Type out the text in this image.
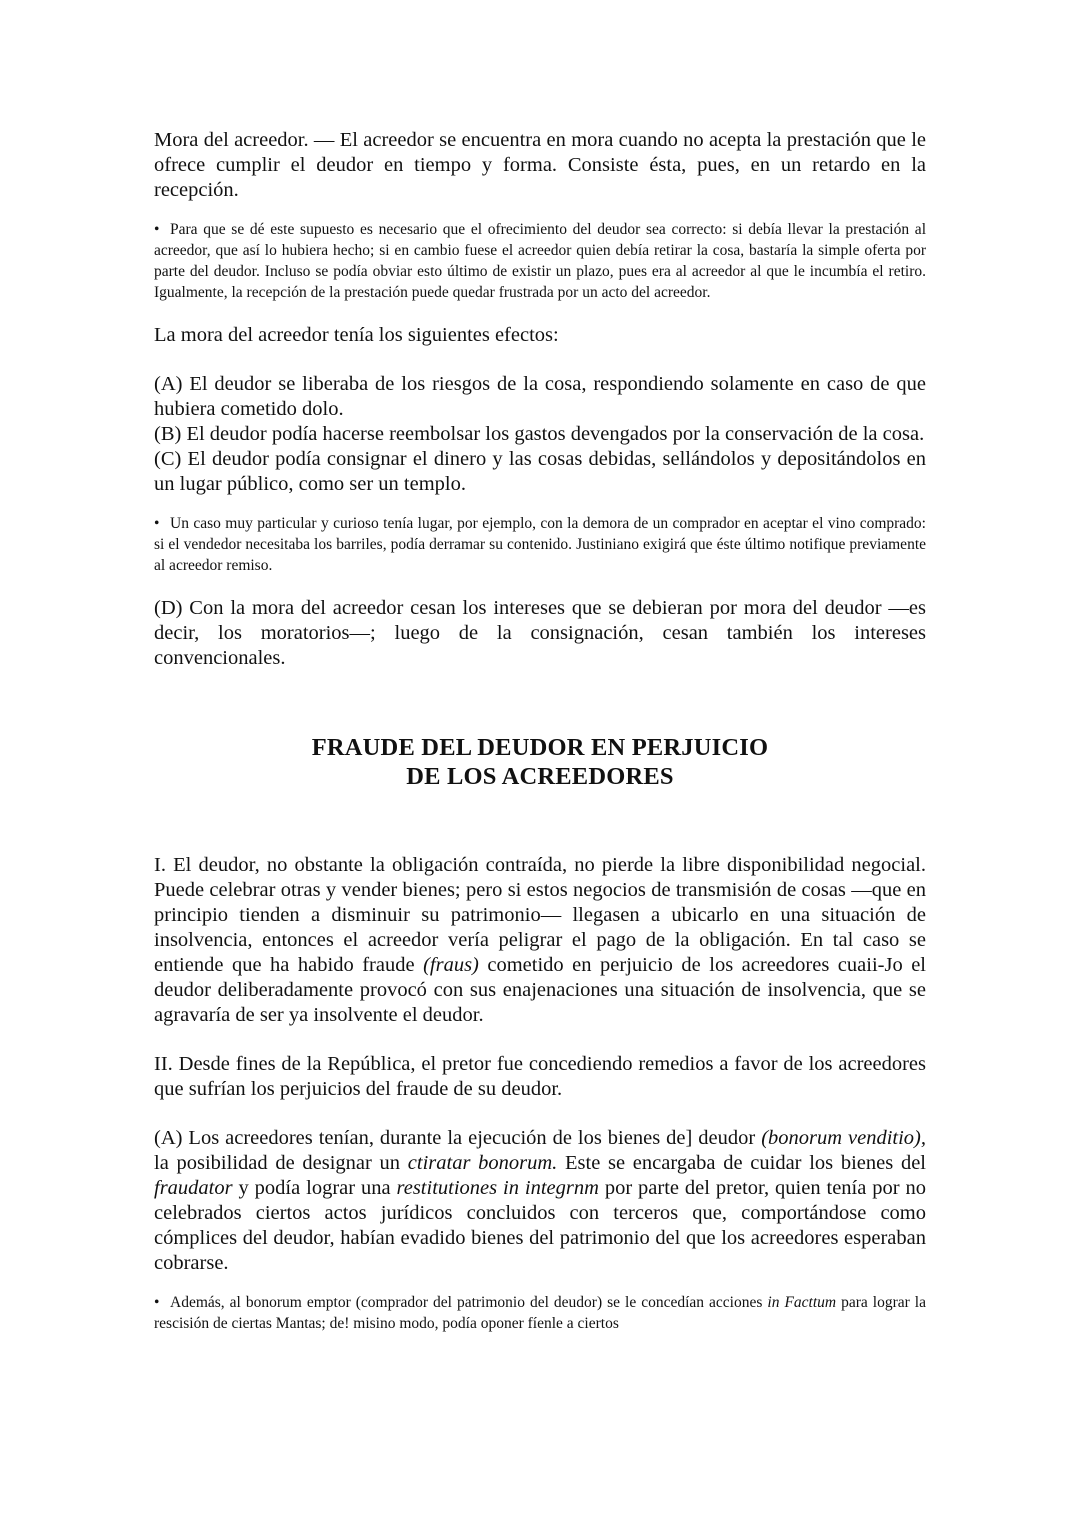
Mora del acreedor. — El acreedor se encuentra en mora cuando no acepta la prestación que le ofrece cumplir el deudor en tiempo y forma. Consiste ésta, pues, en un retardo en la recepción.

• Para que se dé este supuesto es necesario que el ofrecimiento del deudor sea correcto: si debía llevar la prestación al acreedor, que así lo hubiera hecho; si en cambio fuese el acreedor quien debía retirar la cosa, bastaría la simple oferta por parte del deudor. Incluso se podía obviar esto último de existir un plazo, pues era al acreedor al que le incumbía el retiro. Igualmente, la recepción de la prestación puede quedar frustrada por un acto del acreedor.

La mora del acreedor tenía los siguientes efectos:

(A) El deudor se liberaba de los riesgos de la cosa, respondiendo solamente en caso de que hubiera cometido dolo.

(B) El deudor podía hacerse reembolsar los gastos devengados por la conservación de la cosa.

(C) El deudor podía consignar el dinero y las cosas debidas, sellándolos y depositándolos en un lugar público, como ser un templo.

• Un caso muy particular y curioso tenía lugar, por ejemplo, con la demora de un comprador en aceptar el vino comprado: si el vendedor necesitaba los barriles, podía derramar su contenido. Justiniano exigirá que éste último notifique previamente al acreedor remiso.

(D) Con la mora del acreedor cesan los intereses que se debieran por mora del deudor —es decir, los moratorios—; luego de la consignación, cesan también los intereses convencionales.

FRAUDE DEL DEUDOR EN PERJUICIO
DE LOS ACREEDORES

I. El deudor, no obstante la obligación contraída, no pierde la libre disponibilidad negocial. Puede celebrar otras y vender bienes; pero si estos negocios de transmisión de cosas —que en principio tienden a disminuir su patrimonio— llegasen a ubicarlo en una situación de insolvencia, entonces el acreedor vería peligrar el pago de la obligación. En tal caso se entiende que ha habido fraude (fraus) cometido en perjuicio de los acreedores cuaii-Jo el deudor deliberadamente provocó con sus enajenaciones una situación de insolvencia, que se agravaría de ser ya insolvente el deudor.

II. Desde fines de la República, el pretor fue concediendo remedios a favor de los acreedores que sufrían los perjuicios del fraude de su deudor.

(A) Los acreedores tenían, durante la ejecución de los bienes de] deudor (bonorum venditio), la posibilidad de designar un ctiratar bonorum. Este se encargaba de cuidar los bienes del fraudator y podía lograr una restitutiones in integrnm por parte del pretor, quien tenía por no celebrados ciertos actos jurídicos concluidos con terceros que, comportándose como cómplices del deudor, habían evadido bienes del patrimonio del que los acreedores esperaban cobrarse.

• Además, al bonorum emptor (comprador del patrimonio del deudor) se le concedían acciones in Facttum para lograr la rescisión de ciertas Mantas; de! misino modo, podía oponer fíenle a ciertos
